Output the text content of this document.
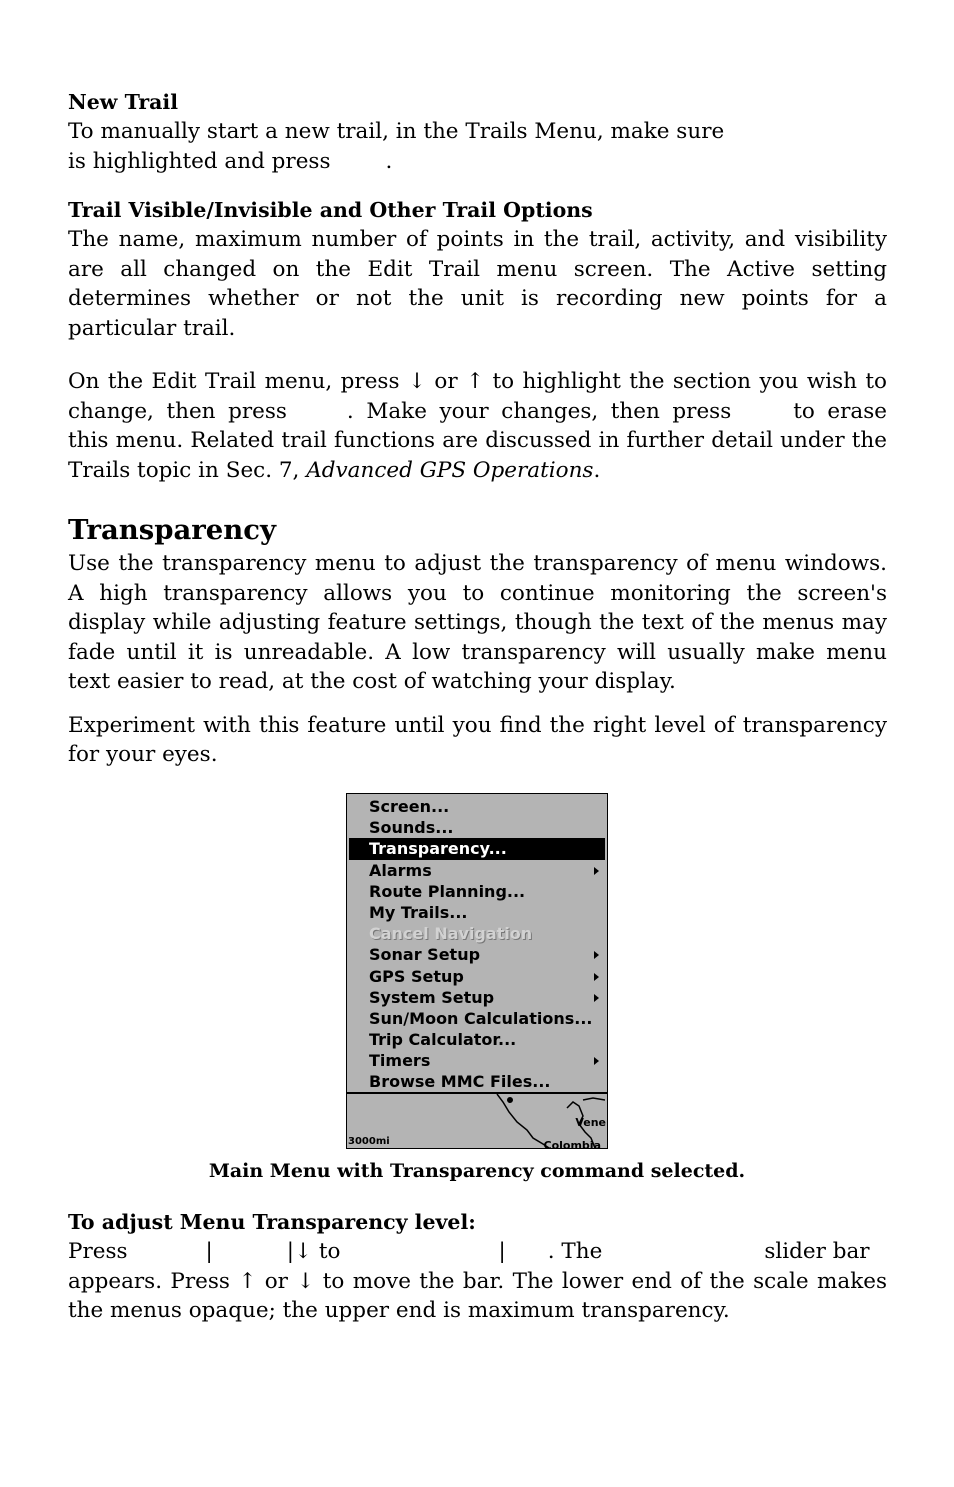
New Trail

To manually start a new trail, in the Trails Menu, make sure

is highlighted and press	.

Trail Visible/Invisible and Other Trail Options

The name, maximum number of points in the trail, activity, and visibility are all changed on the Edit Trail menu screen. The Active setting determines whether or not the unit is recording new points for a particular trail.

On the Edit Trail menu, press ↓ or ↑ to highlight the section you wish to change, then press	. Make your changes, then press	to erase this menu. Related trail functions are discussed in further detail under the Trails topic in Sec. 7, Advanced GPS Operations.

Transparency

Use the transparency menu to adjust the transparency of menu windows. A high transparency allows you to continue monitoring the screen's display while adjusting feature settings, though the text of the menus may fade until it is unreadable. A low transparency will usually make menu text easier to read, at the cost of watching your display.

Experiment with this feature until you find the right level of transparency for your eyes.

Screen...
Sounds...
Transparency...
Alarms
Route Planning...
My Trails...
Cancel Navigation
Sonar Setup
GPS Setup
System Setup
Sun/Moon Calculations...
Trip Calculator...
Timers
Browse MMC Files...
3000mi
Vene
Colombia
Main Menu with Transparency command selected.

To adjust Menu Transparency level:

Press	|	|↓ to	| . The	slider bar

appears. Press ↑ or ↓ to move the bar. The lower end of the scale makes the menus opaque; the upper end is maximum transparency.
